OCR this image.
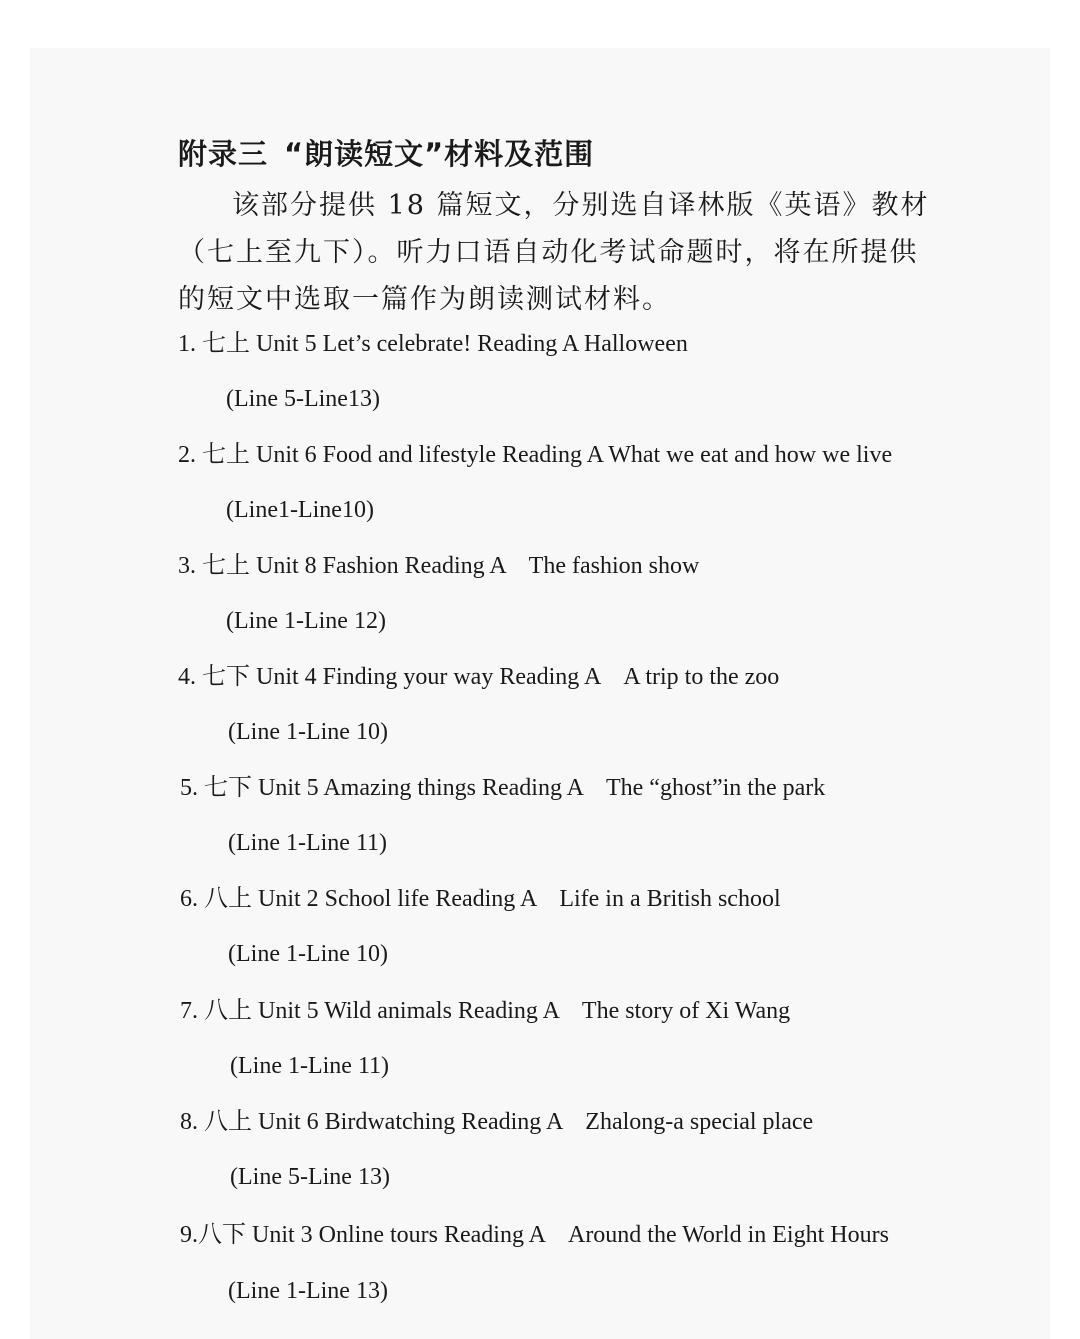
附录三 “朗读短文”材料及范围
该部分提供 18 篇短文，分别选自译林版《英语》教材
（七上至九下）。听力口语自动化考试命题时，将在所提供
的短文中选取一篇作为朗读测试材料。
1. 七上 Unit 5 Let’s celebrate! Reading A Halloween
(Line 5-Line13)
2. 七上 Unit 6 Food and lifestyle Reading A What we eat and how we live
(Line1-Line10)
3. 七上 Unit 8 Fashion Reading A The fashion show
(Line 1-Line 12)
4. 七下 Unit 4 Finding your way Reading A A trip to the zoo
(Line 1-Line 10)
5. 七下 Unit 5 Amazing things Reading A The “ghost”in the park
(Line 1-Line 11)
6. 八上 Unit 2 School life Reading A Life in a British school
(Line 1-Line 10)
7. 八上 Unit 5 Wild animals Reading A The story of Xi Wang
(Line 1-Line 11)
8. 八上 Unit 6 Birdwatching Reading A Zhalong-a special place
(Line 5-Line 13)
9.八下 Unit 3 Online tours Reading A Around the World in Eight Hours
(Line 1-Line 13)
